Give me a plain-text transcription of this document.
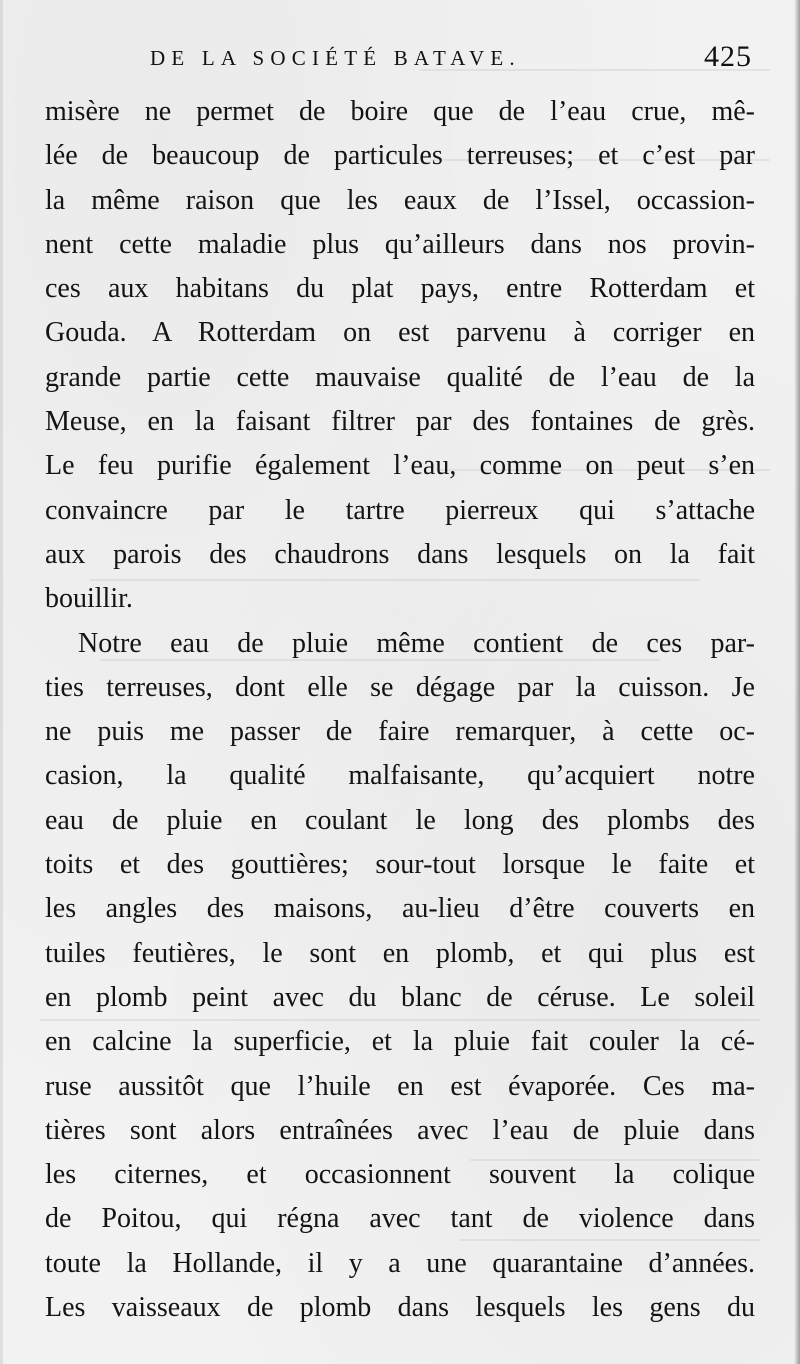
DE LA SOCIÉTÉ BATAVE.	425
misère ne permet de boire que de l’eau crue, mê-
lée de beaucoup de particules terreuses; et c’est par
la même raison que les eaux de l’Issel, occassion-
nent cette maladie plus qu’ailleurs dans nos provin-
ces aux habitans du plat pays, entre Rotterdam et
Gouda. A Rotterdam on est parvenu à corriger en
grande partie cette mauvaise qualité de l’eau de la
Meuse, en la faisant filtrer par des fontaines de grès.
Le feu purifie également l’eau, comme on peut s’en
convaincre par le tartre pierreux qui s’attache
aux parois des chaudrons dans lesquels on la fait
bouillir.
Notre eau de pluie même contient de ces par-
ties terreuses, dont elle se dégage par la cuisson. Je
ne puis me passer de faire remarquer, à cette oc-
casion, la qualité malfaisante, qu’acquiert notre
eau de pluie en coulant le long des plombs des
toits et des gouttières; sour-tout lorsque le faite et
les angles des maisons, au-lieu d’être couverts en
tuiles feutières, le sont en plomb, et qui plus est
en plomb peint avec du blanc de céruse. Le soleil
en calcine la superficie, et la pluie fait couler la cé-
ruse aussitôt que l’huile en est évaporée. Ces ma-
tières sont alors entraînées avec l’eau de pluie dans
les citernes, et occasionnent souvent la colique
de Poitou, qui régna avec tant de violence dans
toute la Hollande, il y a une quarantaine d’années.
Les vaisseaux de plomb dans lesquels les gens du
